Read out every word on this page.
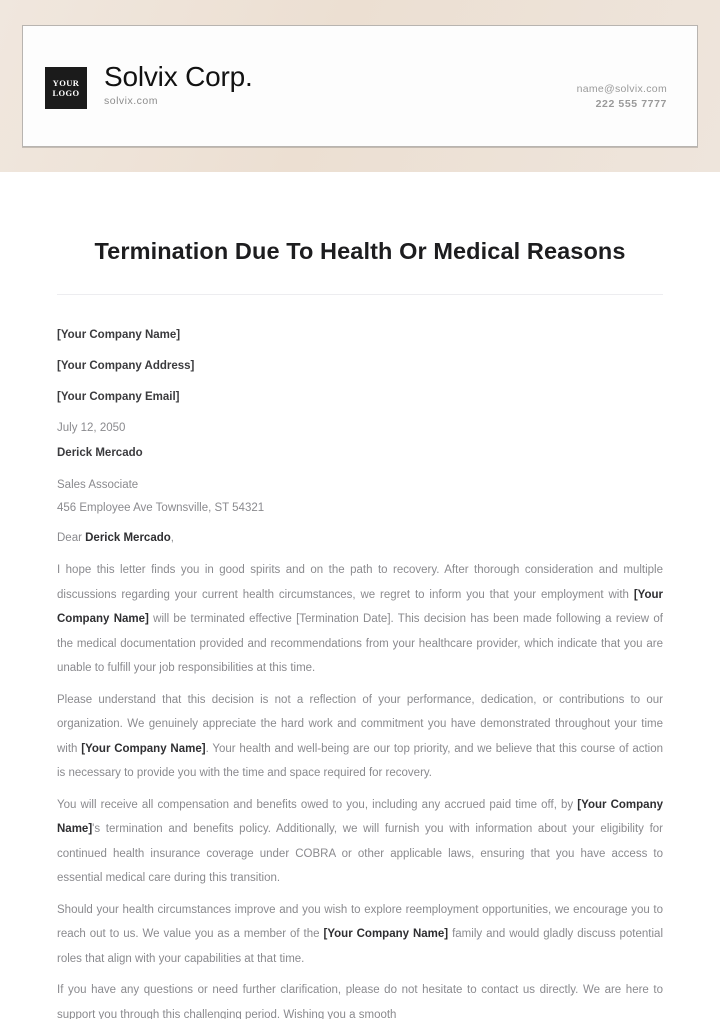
YOUR
LOGO
Solvix Corp.
solvix.com
name@solvix.com
222 555 7777
Termination Due To Health Or Medical Reasons
[Your Company Name]
[Your Company Address]
[Your Company Email]
July 12, 2050
Derick Mercado
Sales Associate
456 Employee Ave Townsville, ST 54321
Dear Derick Mercado,

I hope this letter finds you in good spirits and on the path to recovery. After thorough consideration and multiple discussions regarding your current health circumstances, we regret to inform you that your employment with [Your Company Name] will be terminated effective [Termination Date]. This decision has been made following a review of the medical documentation provided and recommendations from your healthcare provider, which indicate that you are unable to fulfill your job responsibilities at this time.

Please understand that this decision is not a reflection of your performance, dedication, or contributions to our organization. We genuinely appreciate the hard work and commitment you have demonstrated throughout your time with [Your Company Name]. Your health and well-being are our top priority, and we believe that this course of action is necessary to provide you with the time and space required for recovery.

You will receive all compensation and benefits owed to you, including any accrued paid time off, by [Your Company Name]'s termination and benefits policy. Additionally, we will furnish you with information about your eligibility for continued health insurance coverage under COBRA or other applicable laws, ensuring that you have access to essential medical care during this transition.

Should your health circumstances improve and you wish to explore reemployment opportunities, we encourage you to reach out to us. We value you as a member of the [Your Company Name] family and would gladly discuss potential roles that align with your capabilities at that time.

If you have any questions or need further clarification, please do not hesitate to contact us directly. We are here to support you through this challenging period. Wishing you a smooth
